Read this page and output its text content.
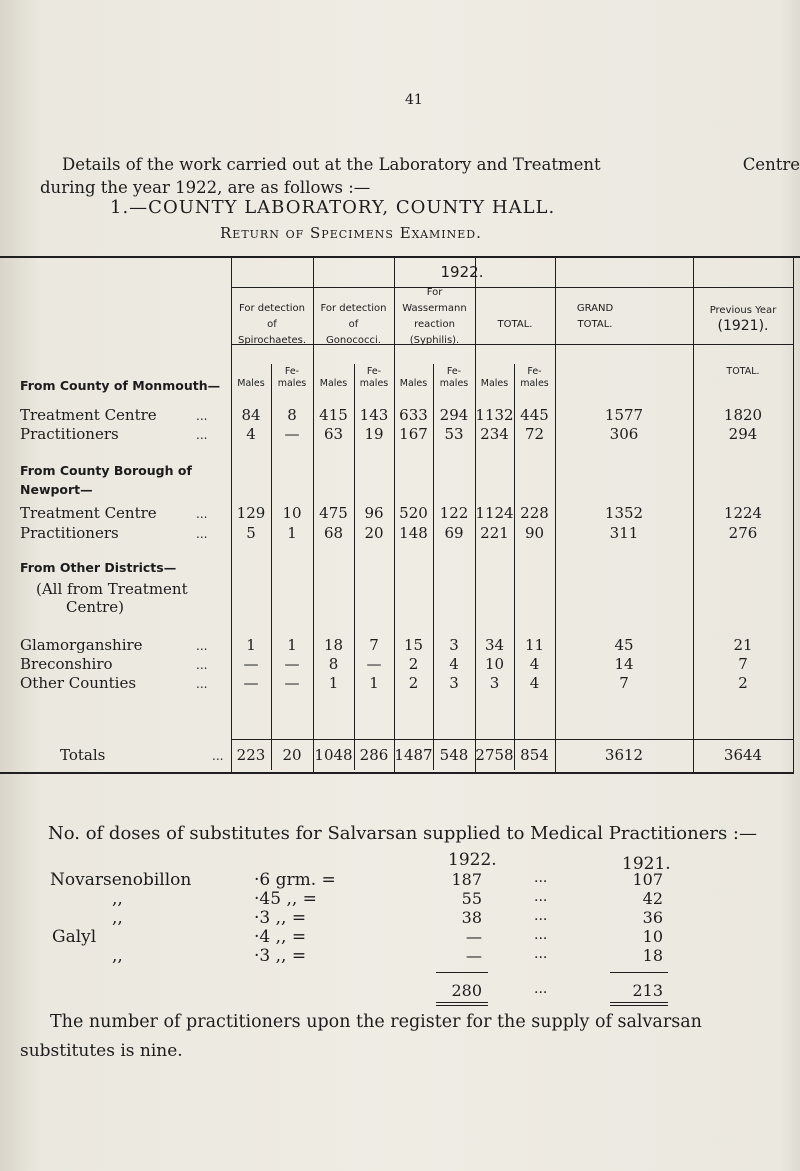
41
Details of the work carried out at the Laboratory and Treatment	Centre
during the year 1922, are as follows :—
1.—COUNTY LABORATORY, COUNTY HALL.
Return of Specimens Examined.
1922.
For detection
of
Spirochaetes.
For detection
of
Gonococci.
For
Wassermann
reaction
(Syphilis).
TOTAL.
GRAND
TOTAL.
Previous Year
(1921).
Males
Fe-
males	Males
Fe-
males	Males
Fe-
males	Males
Fe-
males
TOTAL.
From County of Monmouth—
Treatment Centre	...	84	8	415 143 633 294 1132 445	1577	1820
Practitioners	...	4	—	63	19	167	53	234	72	306	294
From County Borough of
Newport—
Treatment Centre	...	129	10	475	96	520 122 1124 228	1352	1224
Practitioners	...	5	1	68	20	148	69	221	90	311	276
From Other Districts—
(All from Treatment
Centre)
Glamorganshire	...	1	1	18	7	15	3	34	11	45	21
Breconshiro	...	—	—	8	—	2	4	10	4	14	7
Other Counties	...	—	—	1	1	2	3	3	4	7	2
Totals	... 223	20 1048 286 1487 548 2758 854	3612	3644
No. of doses of substitutes for Salvarsan supplied to Medical Practitioners :—
1922.	1921.
Novarsenobillon	·6 grm. =	187	...	107
,,	·45 ,, =	55	...	42
,,	·3 ,, =	38	...	36
Galyl	·4 ,, =	—	...	10
,,	·3 ,, =	—	...	18
280	...	213
The number of practitioners upon the register for the supply of salvarsan
substitutes is nine.
